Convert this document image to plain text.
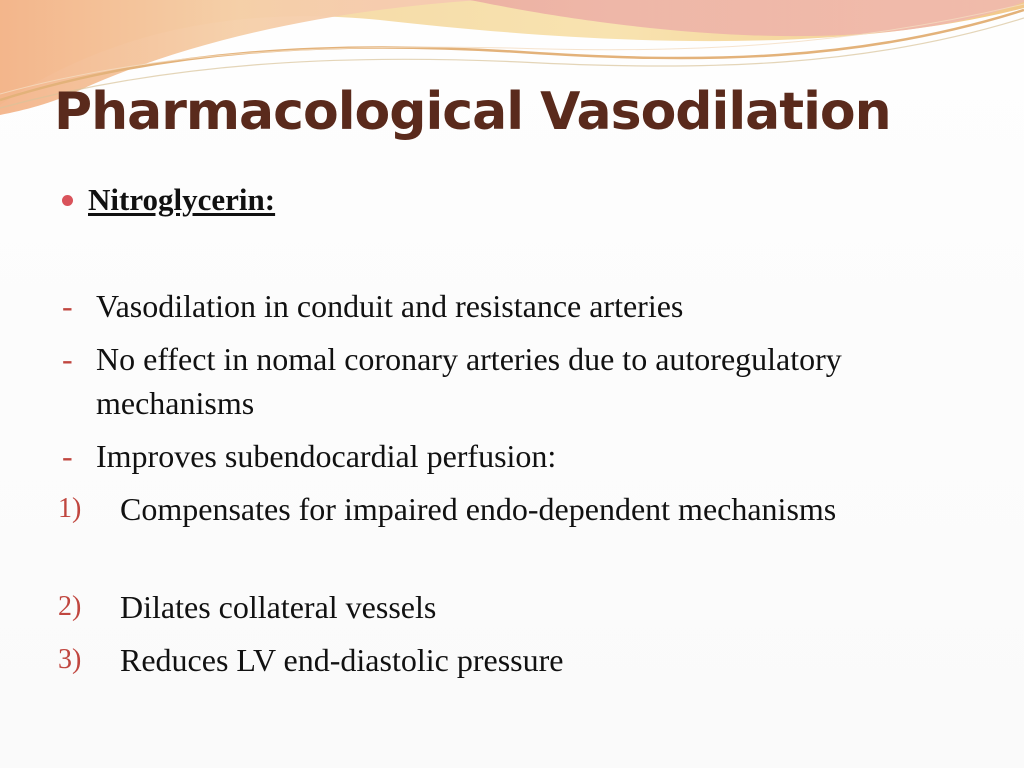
Pharmacological Vasodilation
Nitroglycerin:
- Vasodilation in conduit and resistance arteries
- No effect in nomal coronary arteries due to autoregulatory mechanisms
- Improves subendocardial perfusion:
1)	Compensates for impaired endo-dependent mechanisms
2)	Dilates collateral vessels
3)	Reduces LV end-diastolic pressure
